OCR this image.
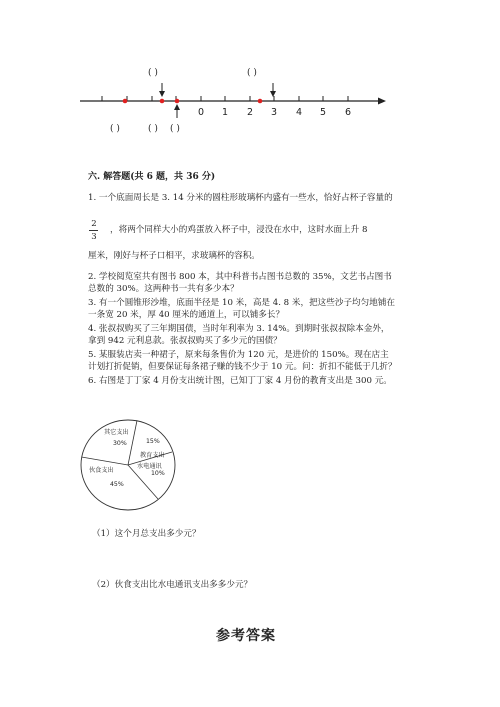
0 1 2 3 4 5 6
( )	( )
( )	( ) ( )
六. 解答题(共 6 题，共 36 分)
1. 一个底面周长是 3. 14 分米的圆柱形玻璃杯内盛有一些水，恰好占杯子容量的
2
3
，将两个同样大小的鸡蛋放入杯子中，浸没在水中，这时水面上升 8
厘米，刚好与杯子口相平，求玻璃杯的容积。
2. 学校阅览室共有图书 800 本，其中科普书占图书总数的 35%，文艺书占图书
总数的 30%。这两种书一共有多少本？
3. 有一个圆锥形沙堆，底面半径是 10 米，高是 4. 8 米，把这些沙子均匀地铺在
一条宽 20 米，厚 40 厘米的通道上，可以铺多长？
4. 张叔叔购买了三年期国债，当时年利率为 3. 14%。到期时张叔叔除本金外，
拿到 942 元利息款。张叔叔购买了多少元的国债？
5. 某服装店卖一种裙子，原来每条售价为 120 元，是进价的 150%。现在店主
计划打折促销，但要保证每条裙子赚的钱不少于 10 元。问：折扣不能低于几折？
6. 右图是丁丁家 4 月份支出统计图，已知丁丁家 4 月份的教育支出是 300 元。
其它支出
30%	15%
教育支出
水电通讯
10%
伙食支出
45%
（1）这个月总支出多少元？
（2）伙食支出比水电通讯支出多多少元？
参考答案
